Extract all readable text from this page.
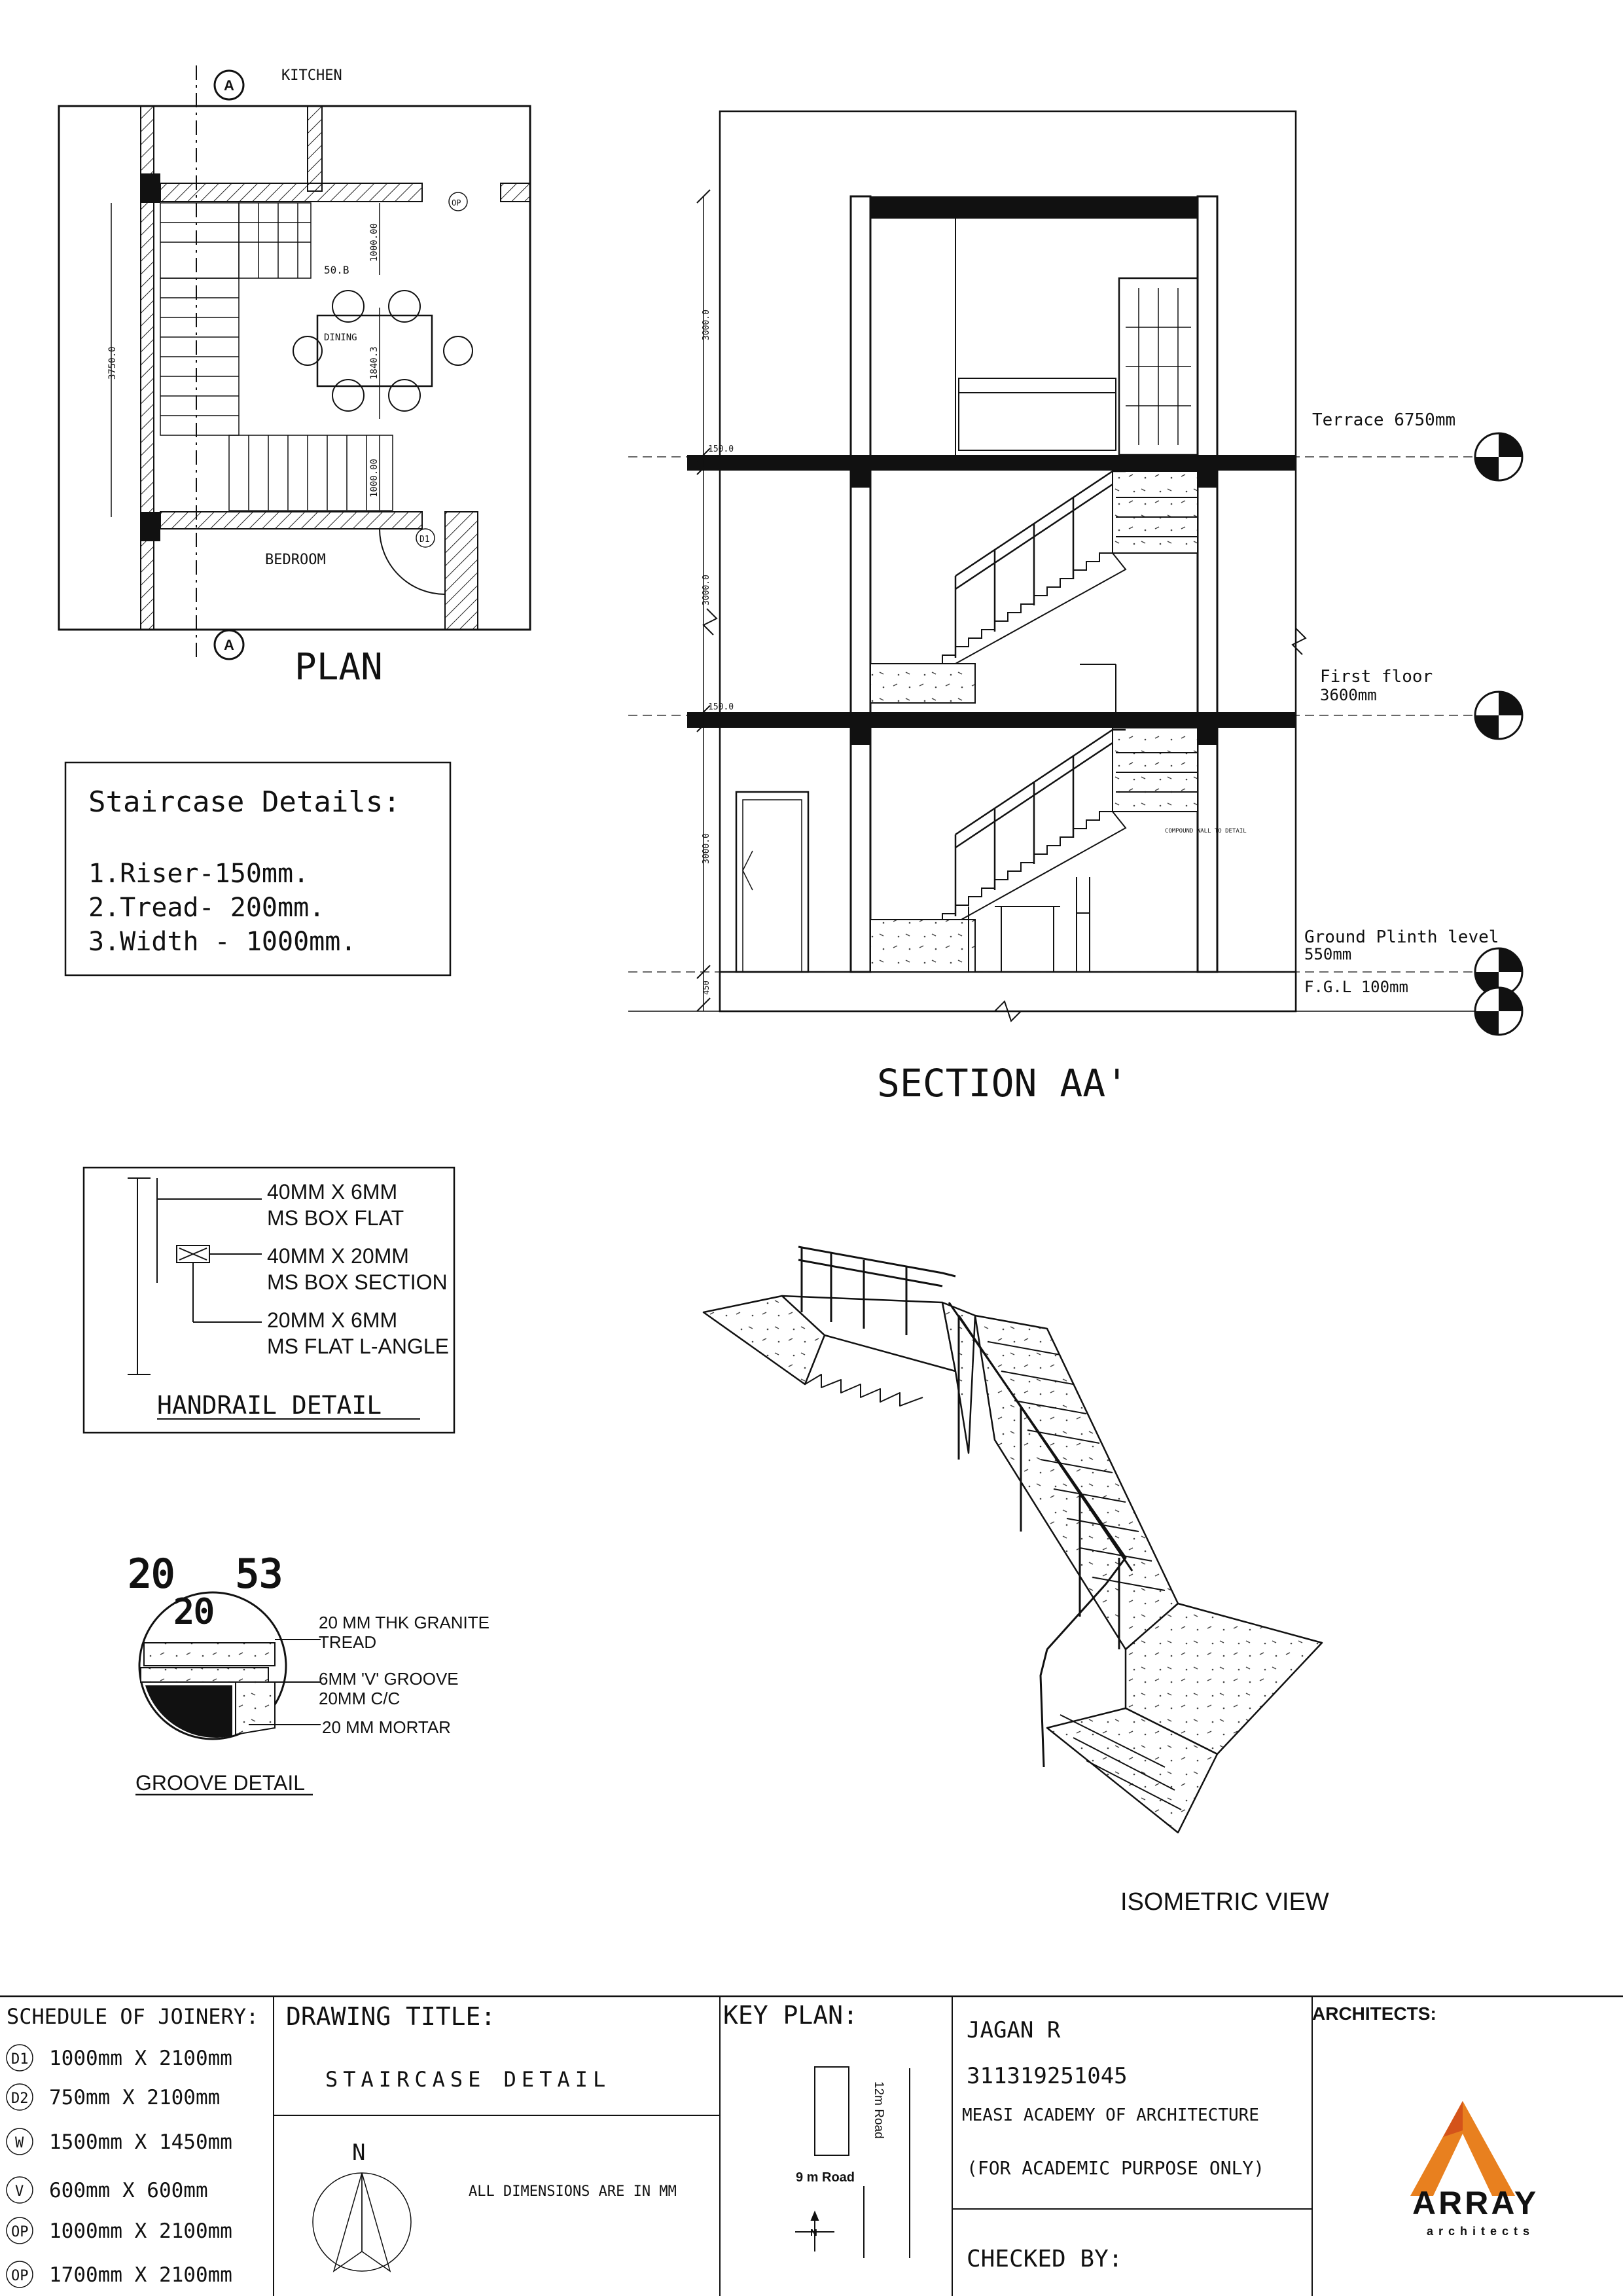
DINING
50.B
D1
OP
A
A
3750.0
1000.00
1840.3
1000.00
KITCHEN
BEDROOM
PLAN
Staircase Details:
1.Riser-150mm.
2.Tread- 200mm.
3.Width - 1000mm.
3000.0
3000.0
3000.0
150.0
150.0
450
Terrace 6750mm
First floor
3600mm
Ground Plinth level
550mm
F.G.L 100mm
COMPOUND WALL TO DETAIL
SECTION AA'
40MM X 6MM
MS BOX FLAT
40MM X 20MM
MS BOX SECTION
20MM X 6MM
MS FLAT L-ANGLE
HANDRAIL DETAIL
20 53
20	20 MM THK GRANITE
TREAD
6MM 'V' GROOVE
20MM C/C
20 MM MORTAR
GROOVE DETAIL
ISOMETRIC VIEW
SCHEDULE OF JOINERY:
D1 1000mm X 2100mm
D2 750mm X 2100mm
W 1500mm X 1450mm
V 600mm X 600mm
OP 1000mm X 2100mm
OP 1700mm X 2100mm
DRAWING TITLE:
STAIRCASE DETAIL
N
ALL DIMENSIONS ARE IN MM
KEY PLAN:
12m Road
9 m Road
N
JAGAN R
311319251045
MEASI ACADEMY OF ARCHITECTURE
(FOR ACADEMIC PURPOSE ONLY)
CHECKED BY:
ARCHITECTS:
ARRAY
architects
